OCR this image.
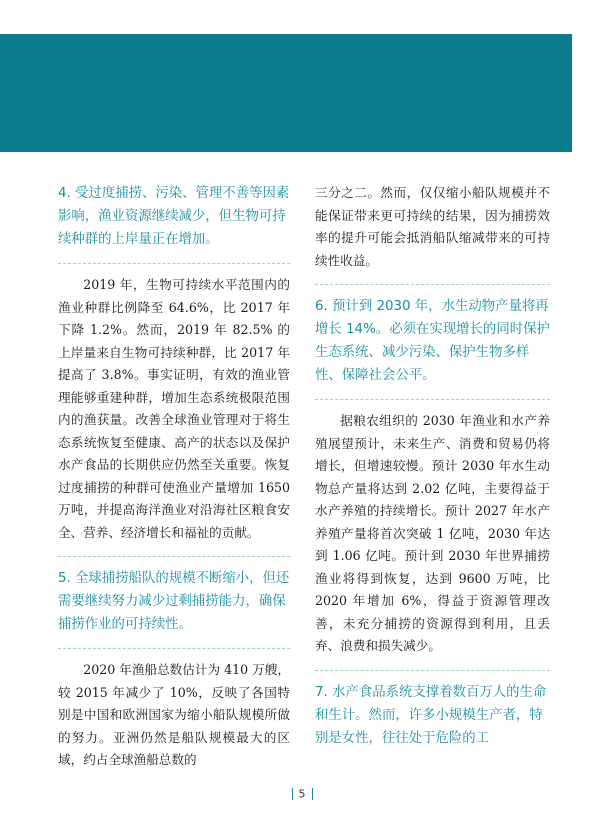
4. 受过度捕捞、污染、管理不善等因素影响，渔业资源继续减少，但生物可持续种群的上岸量正在增加。

2019 年，生物可持续水平范围内的渔业种群比例降至 64.6%，比 2017 年下降 1.2%。然而，2019 年 82.5% 的上岸量来自生物可持续种群，比 2017 年提高了 3.8%。事实证明，有效的渔业管理能够重建种群，增加生态系统极限范围内的渔获量。改善全球渔业管理对于将生态系统恢复至健康、高产的状态以及保护水产食品的长期供应仍然至关重要。恢复过度捕捞的种群可使渔业产量增加 1650 万吨，并提高海洋渔业对沿海社区粮食安全、营养、经济增长和福祉的贡献。

5. 全球捕捞船队的规模不断缩小，但还需要继续努力减少过剩捕捞能力，确保捕捞作业的可持续性。

2020 年渔船总数估计为 410 万艘，较 2015 年减少了 10%，反映了各国特别是中国和欧洲国家为缩小船队规模所做的努力。亚洲仍然是船队规模最大的区域，约占全球渔船总数的

三分之二。然而，仅仅缩小船队规模并不能保证带来更可持续的结果，因为捕捞效率的提升可能会抵消船队缩减带来的可持续性收益。

6. 预计到 2030 年，水生动物产量将再增长 14%。必须在实现增长的同时保护生态系统、减少污染、保护生物多样性、保障社会公平。

据粮农组织的 2030 年渔业和水产养殖展望预计，未来生产、消费和贸易仍将增长，但增速较慢。预计 2030 年水生动物总产量将达到 2.02 亿吨，主要得益于水产养殖的持续增长。预计 2027 年水产养殖产量将首次突破 1 亿吨，2030 年达到 1.06 亿吨。预计到 2030 年世界捕捞渔业将得到恢复，达到 9600 万吨，比 2020 年增加 6%，得益于资源管理改善，未充分捕捞的资源得到利用，且丢弃、浪费和损失减少。

7. 水产食品系统支撑着数百万人的生命和生计。然而，许多小规模生产者，特别是女性，往往处于危险的工

5
